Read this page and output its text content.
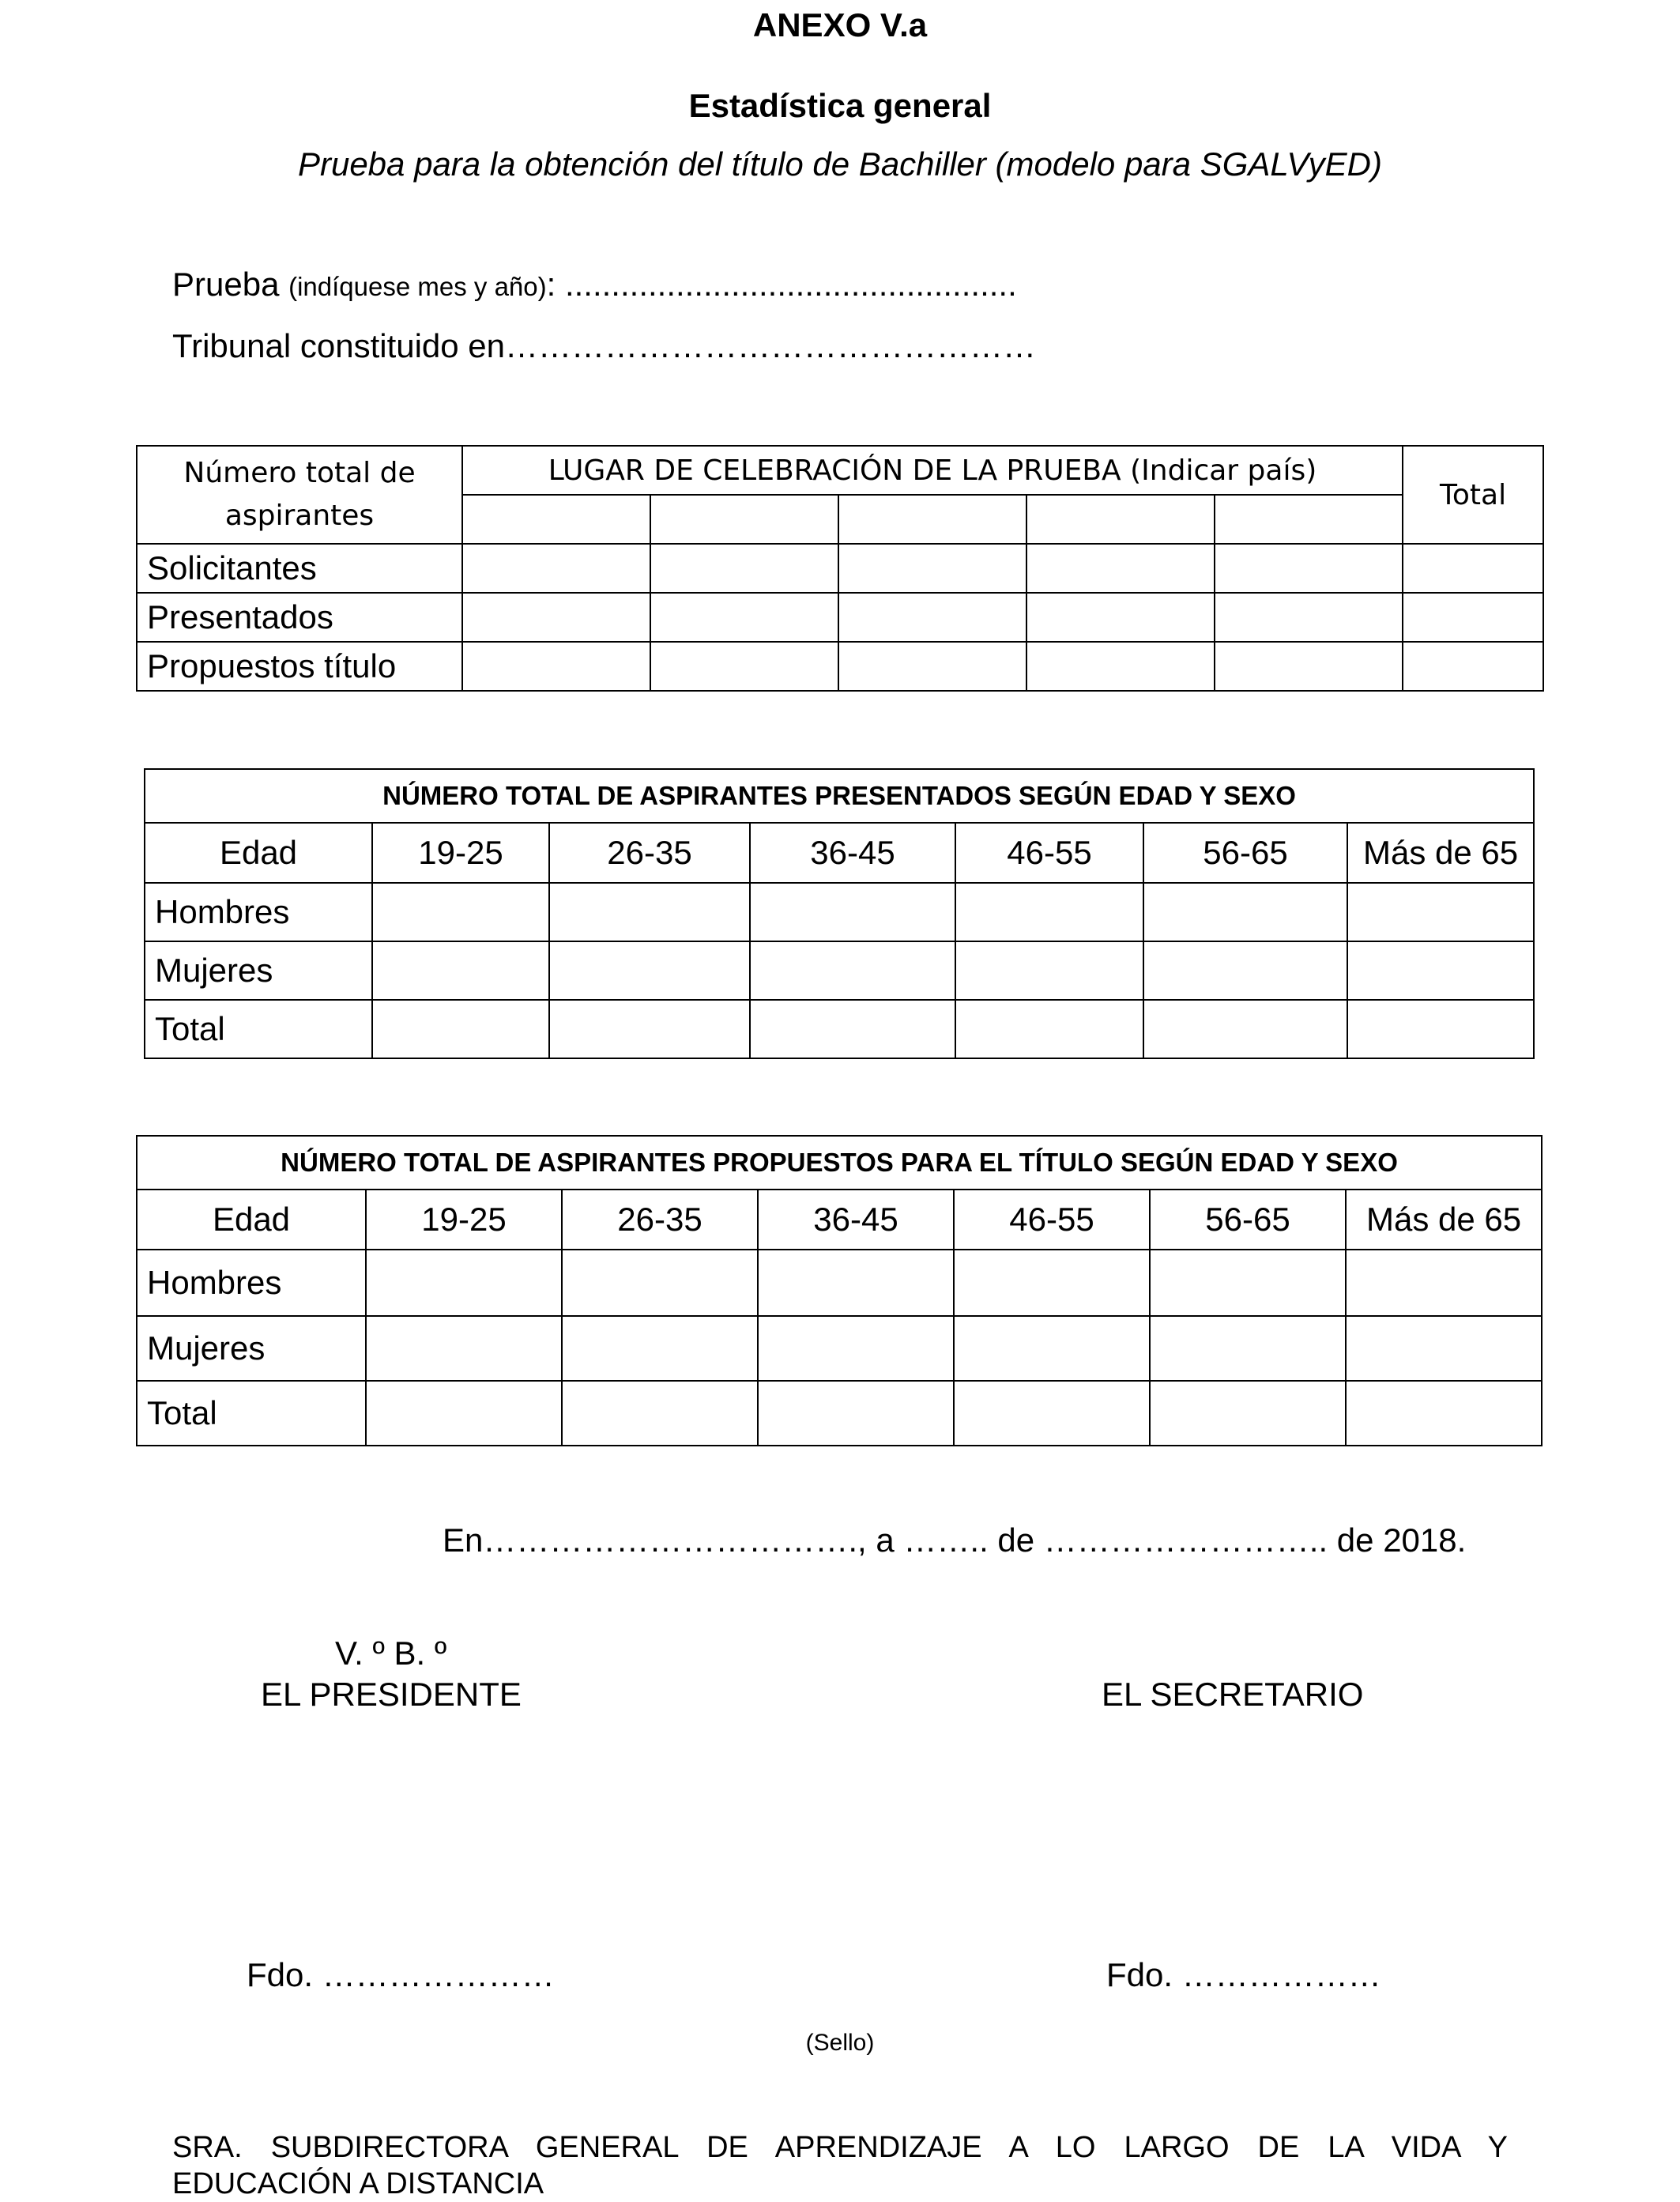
ANEXO V.a
Estadística general
Prueba para la obtención del título de Bachiller (modelo para SGALVyED)
Prueba (indíquese mes y año): .................................................
Tribunal constituido en…………………………………………
Número total de aspirantes	LUGAR DE CELEBRACIÓN DE LA PRUEBA (Indicar país)					Total

Solicitantes						
Presentados						
Propuestos título						
NÚMERO TOTAL DE ASPIRANTES PRESENTADOS SEGÚN EDAD Y SEXO						
Edad	19-25	26-35	36-45	46-55	56-65	Más de 65
Hombres						
Mujeres						
Total						
NÚMERO TOTAL DE ASPIRANTES PROPUESTOS PARA EL TÍTULO SEGÚN EDAD Y SEXO						
Edad	19-25	26-35	36-45	46-55	56-65	Más de 65
Hombres						
Mujeres						
Total						
En……………………………., a …….. de …………………….. de 2018.
V. º B. º
EL PRESIDENTE	EL SECRETARIO
Fdo. …………………	Fdo. ………………
(Sello)
SRA. SUBDIRECTORA GENERAL DE APRENDIZAJE A LO LARGO DE LA VIDA Y
EDUCACIÓN A DISTANCIA
